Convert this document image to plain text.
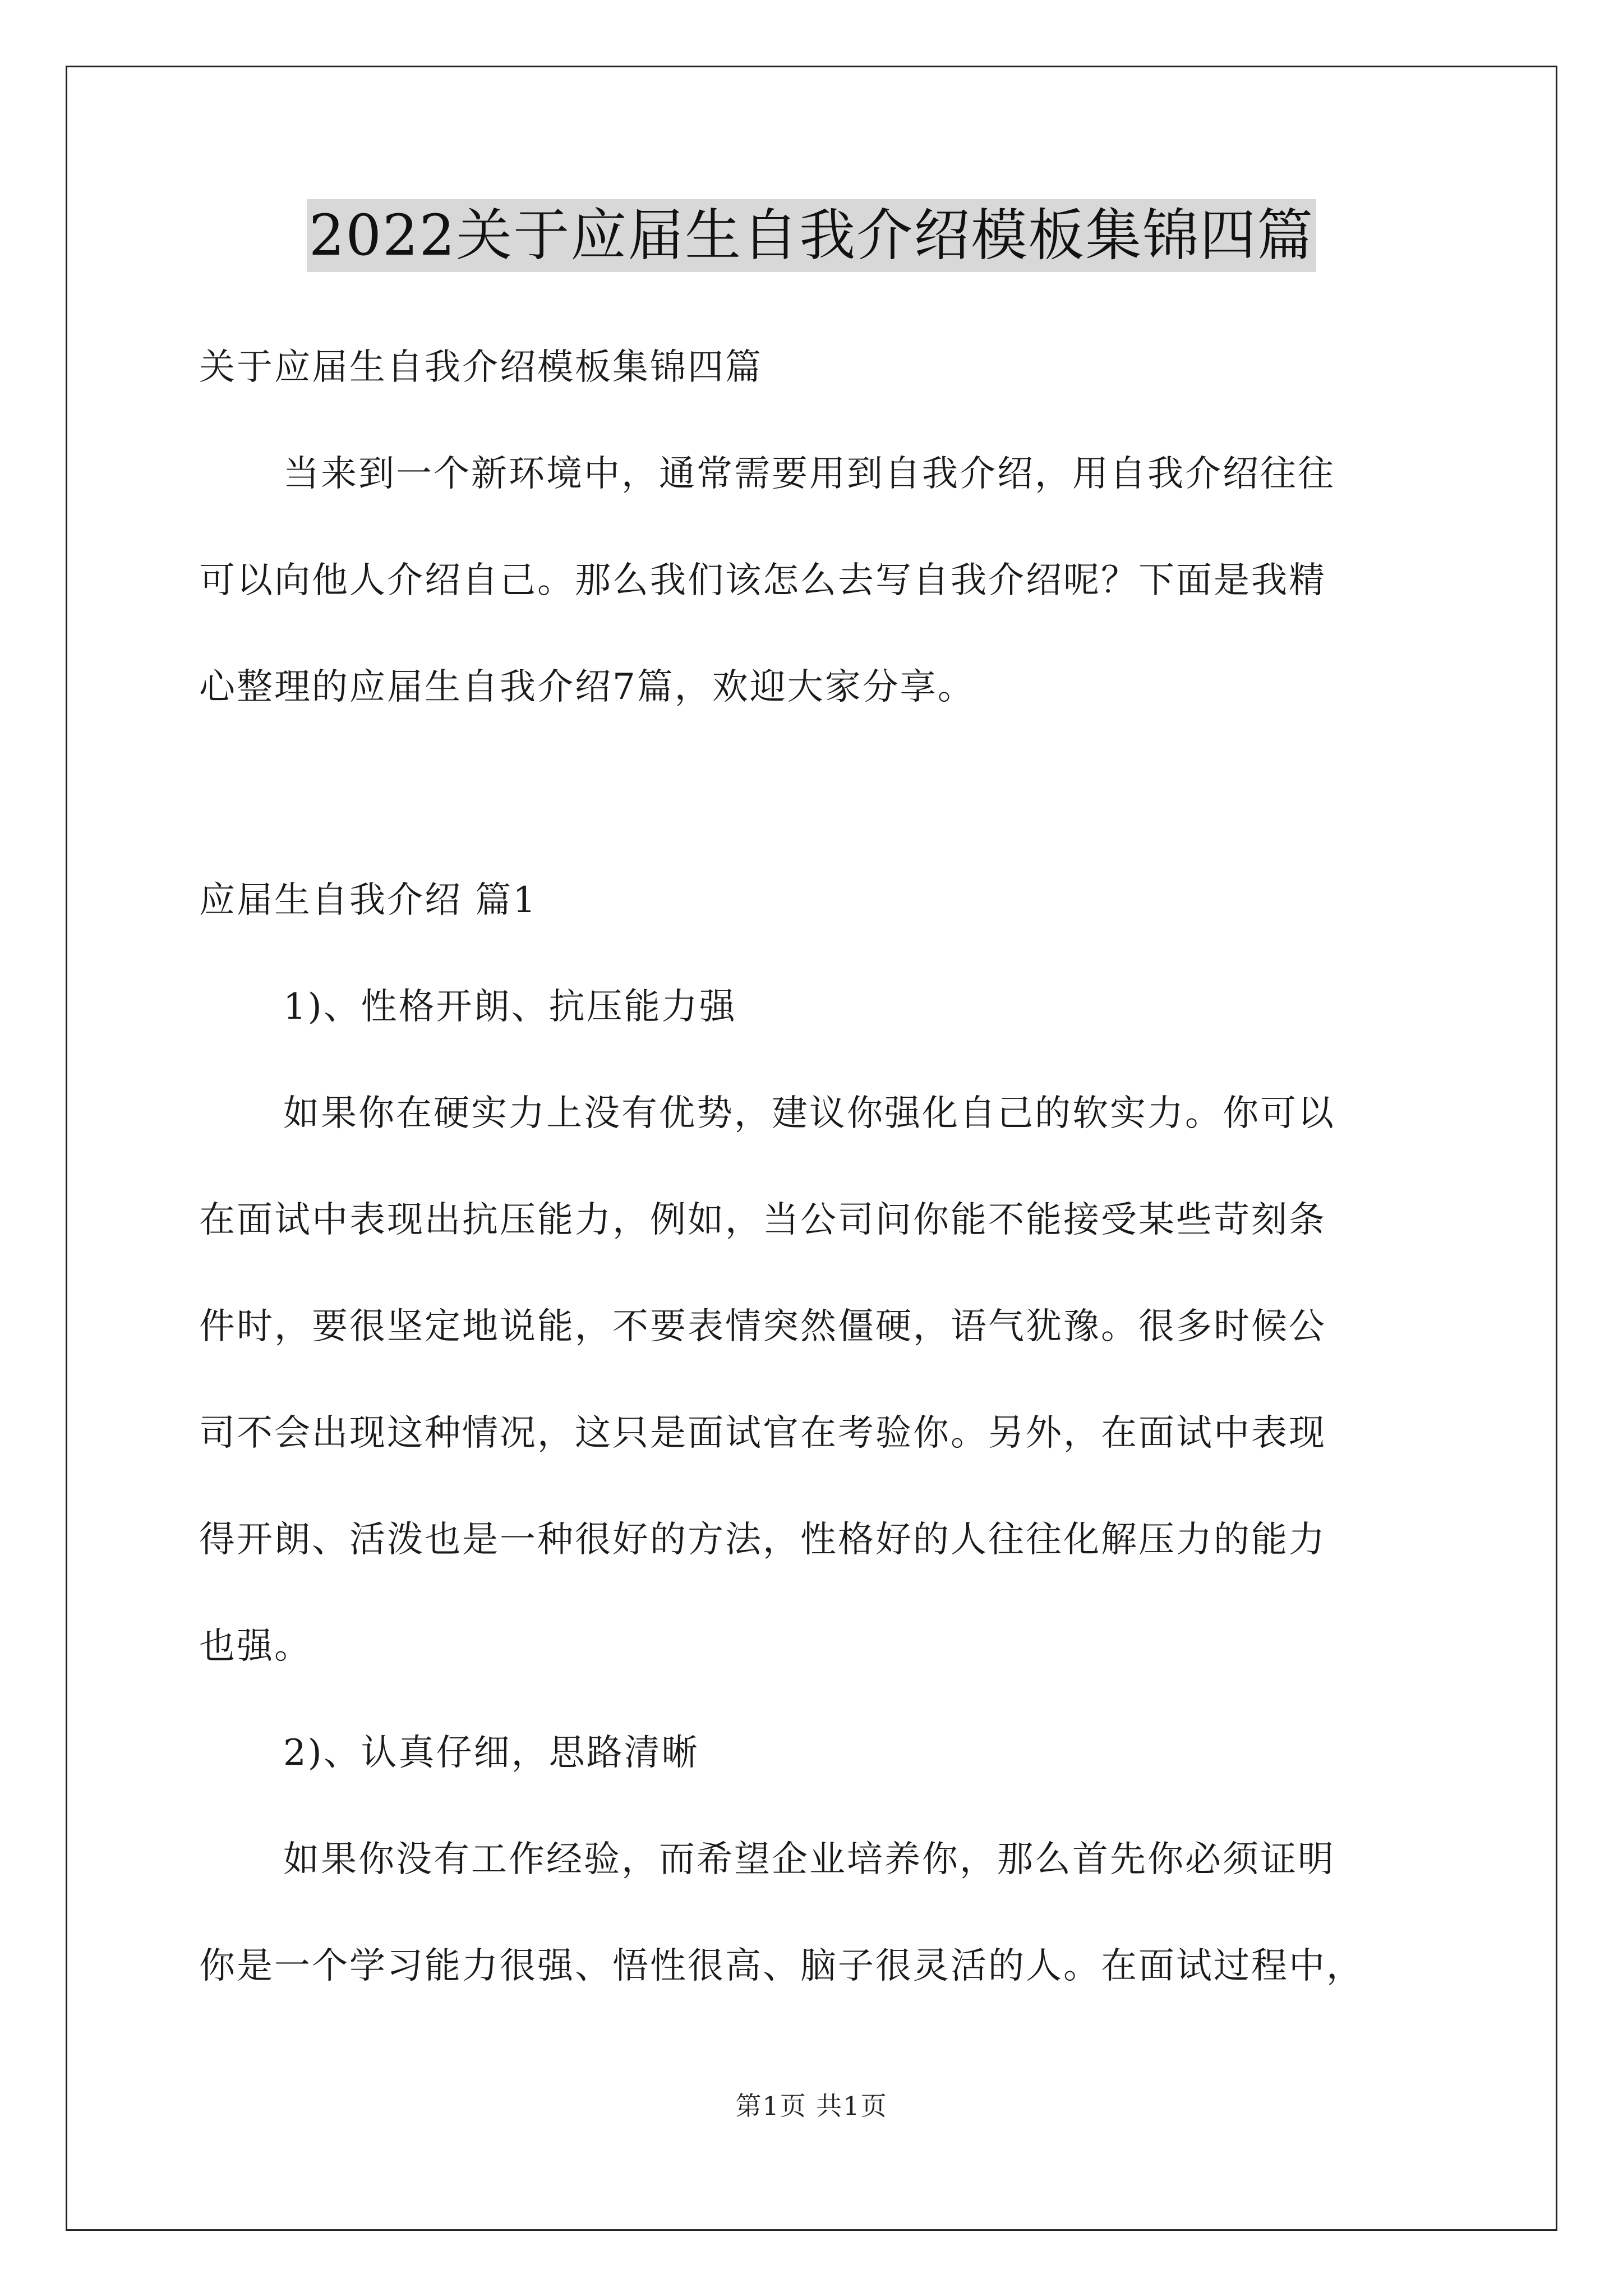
2022关于应届生自我介绍模板集锦四篇
关于应届生自我介绍模板集锦四篇
当来到一个新环境中，通常需要用到自我介绍，用自我介绍往往
可以向他人介绍自己。那么我们该怎么去写自我介绍呢？下面是我精
心整理的应届生自我介绍7篇，欢迎大家分享。
应届生自我介绍 篇1
1)、性格开朗、抗压能力强
如果你在硬实力上没有优势，建议你强化自己的软实力。你可以
在面试中表现出抗压能力，例如，当公司问你能不能接受某些苛刻条
件时，要很坚定地说能，不要表情突然僵硬，语气犹豫。很多时候公
司不会出现这种情况，这只是面试官在考验你。另外，在面试中表现
得开朗、活泼也是一种很好的方法，性格好的人往往化解压力的能力
也强。
2)、认真仔细，思路清晰
如果你没有工作经验，而希望企业培养你，那么首先你必须证明
你是一个学习能力很强、悟性很高、脑子很灵活的人。在面试过程中，
第1页 共1页
